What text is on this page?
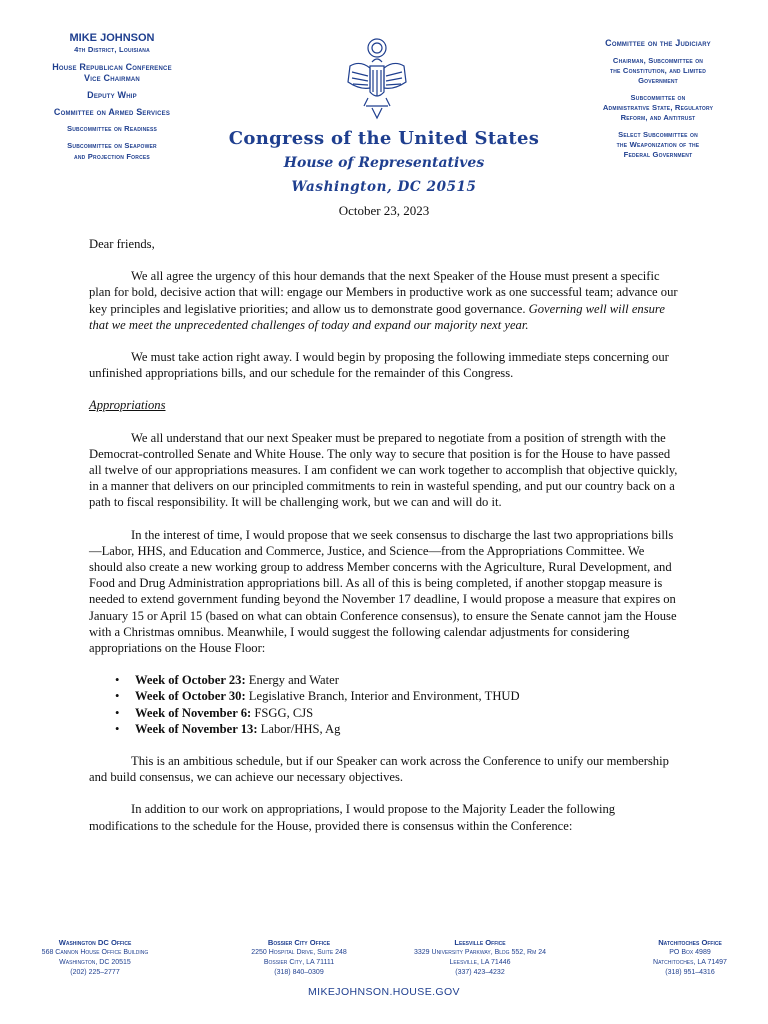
MIKE JOHNSON
4th District, Louisiana
House Republican Conference
Vice Chairman
Deputy Whip
Committee on Armed Services
Subcommittee on Readiness
Subcommittee on Seapower
and Projection Forces
Congress of the United States
House of Representatives
Washington, DC 20515
October 23, 2023
Committee on the Judiciary
Chairman, Subcommittee on
the Constitution, and Limited
Government
Subcommittee on
Administrative State, Regulatory
Reform, and Antitrust
Select Subcommittee on
the Weaponization of the
Federal Government

Dear friends,

We all agree the urgency of this hour demands that the next Speaker of the House must present a specific plan for bold, decisive action that will: engage our Members in productive work as one successful team; advance our key principles and legislative priorities; and allow us to demonstrate good governance. Governing well will ensure that we meet the unprecedented challenges of today and expand our majority next year.

We must take action right away. I would begin by proposing the following immediate steps concerning our unfinished appropriations bills, and our schedule for the remainder of this Congress.

Appropriations

We all understand that our next Speaker must be prepared to negotiate from a position of strength with the Democrat-controlled Senate and White House. The only way to secure that position is for the House to have passed all twelve of our appropriations measures. I am confident we can work together to accomplish that objective quickly, in a manner that delivers on our principled commitments to rein in wasteful spending, and put our country back on a path to fiscal responsibility. It will be challenging work, but we can and will do it.

In the interest of time, I would propose that we seek consensus to discharge the last two appropriations bills—Labor, HHS, and Education and Commerce, Justice, and Science—from the Appropriations Committee. We should also create a new working group to address Member concerns with the Agriculture, Rural Development, and Food and Drug Administration appropriations bill. As all of this is being completed, if another stopgap measure is needed to extend government funding beyond the November 17 deadline, I would propose a measure that expires on January 15 or April 15 (based on what can obtain Conference consensus), to ensure the Senate cannot jam the House with a Christmas omnibus. Meanwhile, I would suggest the following calendar adjustments for considering appropriations on the House Floor:

• Week of October 23: Energy and Water
• Week of October 30: Legislative Branch, Interior and Environment, THUD
• Week of November 6: FSGG, CJS
• Week of November 13: Labor/HHS, Ag

This is an ambitious schedule, but if our Speaker can work across the Conference to unify our membership and build consensus, we can achieve our necessary objectives.

In addition to our work on appropriations, I would propose to the Majority Leader the following modifications to the schedule for the House, provided there is consensus within the Conference:

Washington DC Office
568 Cannon House Office Building
Washington, DC 20515
(202) 225–2777
Bossier City Office
2250 Hospital Drive, Suite 248
Bossier City, LA 71111
(318) 840–0309
Leesville Office
3329 University Parkway, Bldg 552, Rm 24
Leesville, LA 71446
(337) 423–4232
Natchitoches Office
PO Box 4989
Natchitoches, LA 71497
(318) 951–4316
MIKEJOHNSON.HOUSE.GOV
